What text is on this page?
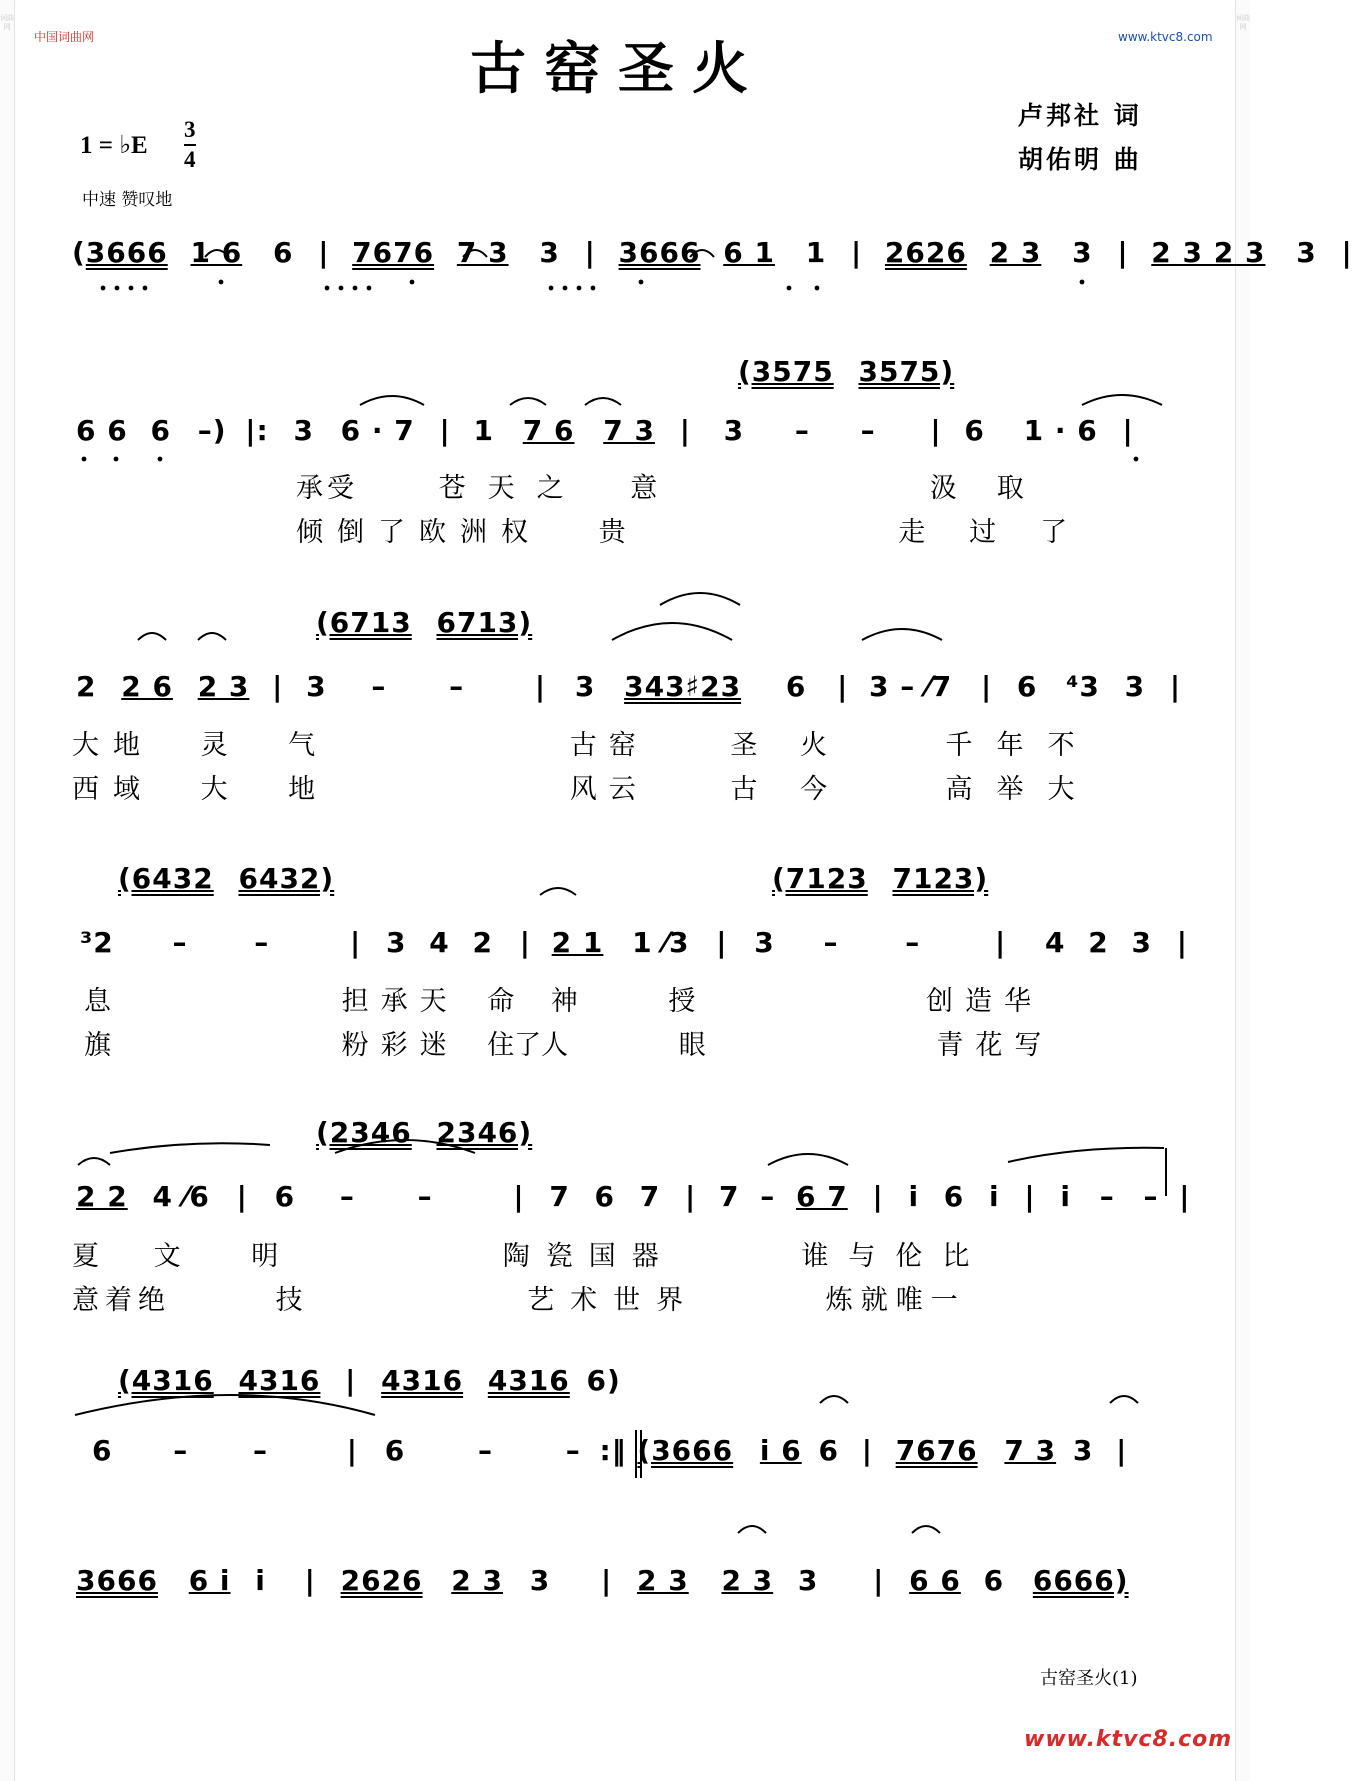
词曲网
词曲网
中国词曲网	www.ktvc8.com
古窑圣火
1 = ♭E
3
4
中速 赞叹地
卢邦社 词
胡佑明 曲
(3666 1 6 6 | 7676 7 3 3 | 3666 6 1 1 | 2626 2 3 3 | 2 3 2 3 3 |
(3575 3575)
6 6 6 –) |: 3 6 · 7 | 1 7 6 7 3 | 3 – – | 6 1 · 6 |
承受	苍天之 意	汲取
倾倒了欧洲权 贵	走过了
(6713 6713)
2 2 6 2 3 | 3 – –	| 3 343♯23 6 | 3 – ⁄7 | 6 ⁴3 3 |
大地 灵 气	古窑	圣 火	千年不
西域 大 地	风云	古 今	高举大
(6432 6432)	(7123 7123)
³2 – –	| 3 4 2 | 2 1 1 ⁄3 | 3 – –	| 4 2 3 |
息	担承天 命 神	授	创造华
旗	粉彩迷 住了人	眼	青花写
(2346 2346)
2 2 4 ⁄6 | 6 – –	| 7 6 7 | 7 – 6 7 | i 6 i | i – – |
夏 文	明	陶瓷国器	谁与伦比
意着绝	技	艺术世界	炼就唯一
(4316 4316 | 4316 4316 6)
6 – –	| 6	–	– :‖ (3666 i 6 6 | 7676 7 3 3 |
3666 6 i i | 2626 2 3 3 | 2 3 2 3 3 | 6 6 6 6666)
古窑圣火(1)
www.ktvc8.com
